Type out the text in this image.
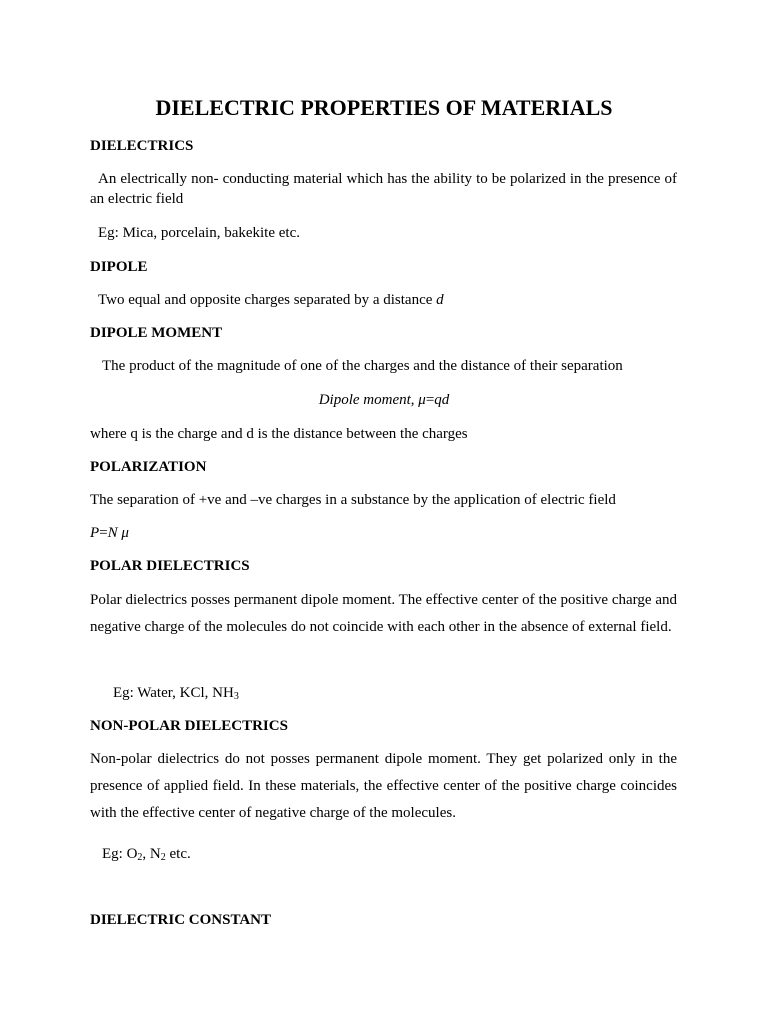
DIELECTRIC PROPERTIES OF MATERIALS
DIELECTRICS
An electrically non- conducting material which has the ability to be polarized in the presence of an electric field
Eg: Mica, porcelain, bakekite etc.
DIPOLE
Two equal and opposite charges separated by a distance d
DIPOLE MOMENT
The product of the magnitude of one of the charges and the distance of their separation
Dipole moment, μ=qd
where q is the charge and d is the distance between the charges
POLARIZATION
The separation of +ve and –ve charges in a substance by the application of electric field
P=N μ
POLAR DIELECTRICS
Polar dielectrics posses permanent dipole moment. The effective center of the positive charge and negative charge of the molecules do not coincide with each other in the absence of external field.
Eg: Water, KCl, $NH_3$
NON-POLAR DIELECTRICS
Non-polar dielectrics do not posses permanent dipole moment. They get polarized only in the presence of applied field. In these materials, the effective center of the positive charge coincides with the effective center of negative charge of the molecules.
Eg: $O_2$, $N_2$ etc.
DIELECTRIC CONSTANT
